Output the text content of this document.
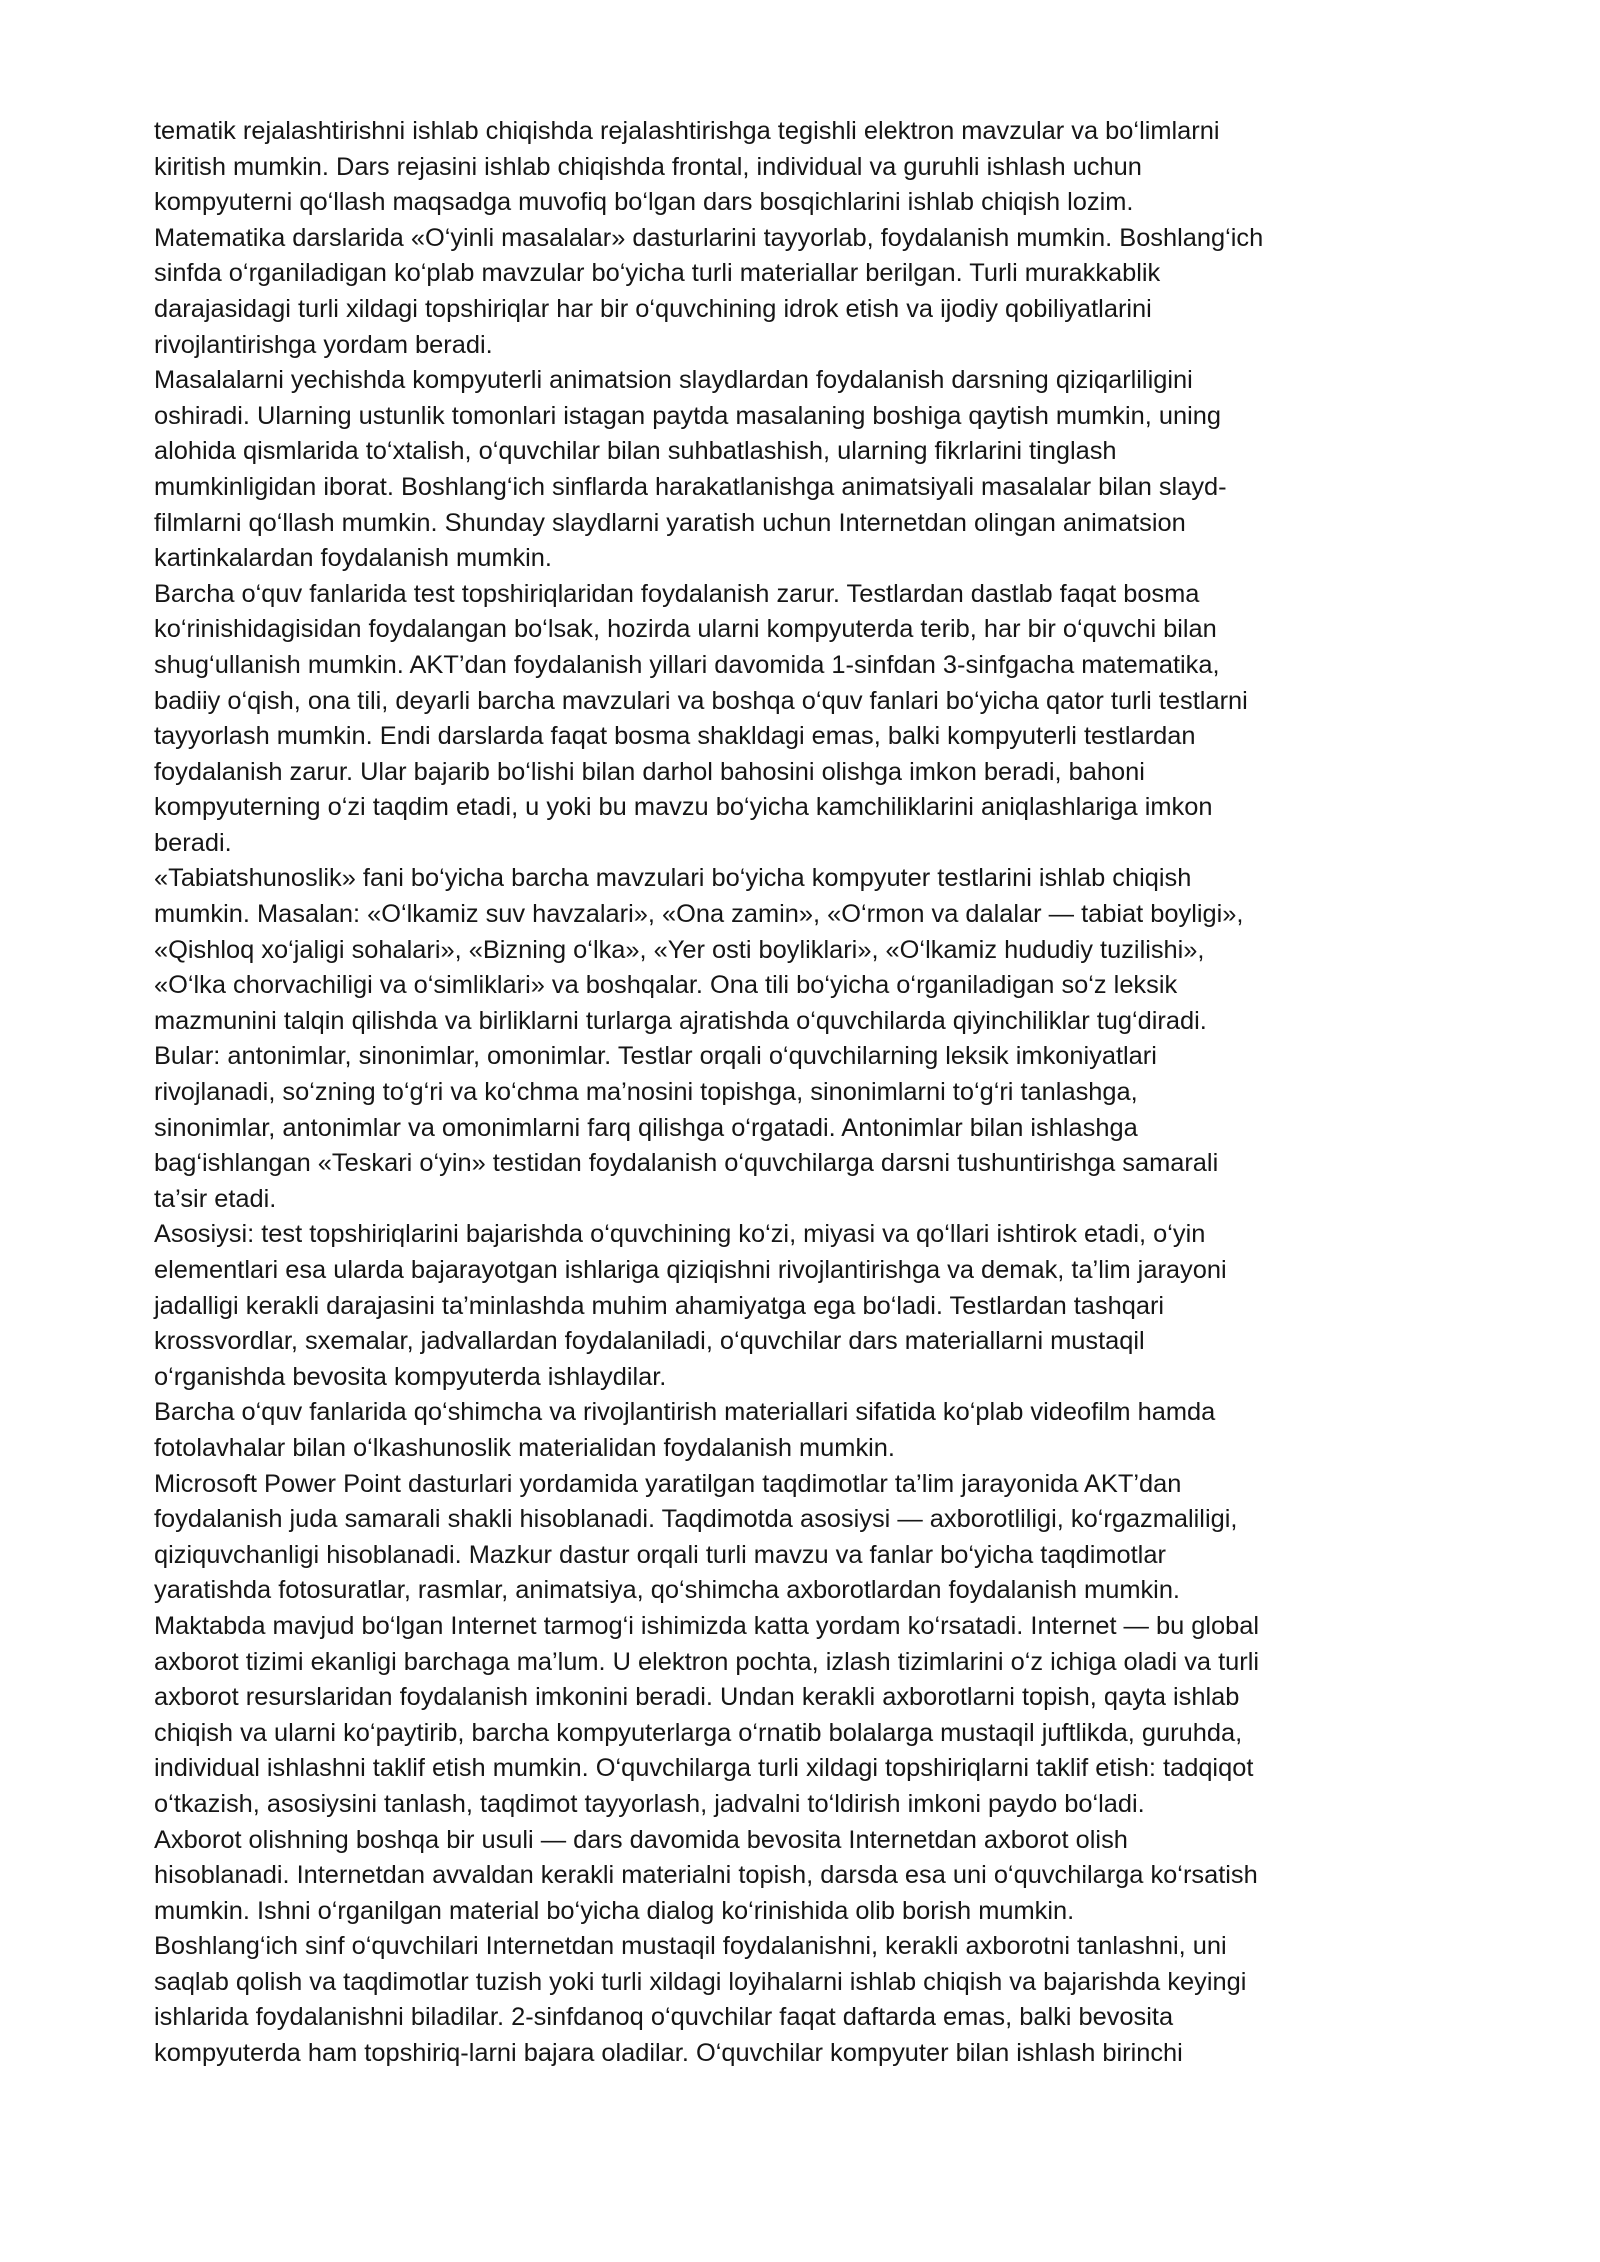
tematik rejalashtirishni ishlab chiqishda rejalashtirishga tegishli elektron mavzular va bo‘limlarni
kiritish mumkin. Dars rejasini ishlab chiqishda frontal, individual va guruhli ishlash uchun
kompyuterni qo‘llash maqsadga muvofiq bo‘lgan dars bosqichlarini ishlab chiqish lozim.
Matematika darslarida «O‘yinli masalalar» dasturlarini tayyorlab, foydalanish mumkin. Boshlang‘ich
sinfda o‘rganiladigan ko‘plab mavzular bo‘yicha turli materiallar berilgan. Turli murakkablik
darajasidagi turli xildagi topshiriqlar har bir o‘quvchining idrok etish va ijodiy qobiliyatlarini
rivojlantirishga yordam beradi.
Masalalarni yechishda kompyuterli animatsion slaydlardan foydalanish darsning qiziqarliligini
oshiradi. Ularning ustunlik tomonlari istagan paytda masalaning boshiga qaytish mumkin, uning
alohida qismlarida to‘xtalish, o‘quvchilar bilan suhbatlashish, ularning fikrlarini tinglash
mumkinligidan iborat. Boshlang‘ich sinflarda harakatlanishga animatsiyali masalalar bilan slayd-
filmlarni qo‘llash mumkin. Shunday slaydlarni yaratish uchun Internetdan olingan animatsion
kartinkalardan foydalanish mumkin.
Barcha o‘quv fanlarida test topshiriqlaridan foydalanish zarur. Testlardan dastlab faqat bosma
ko‘rinishidagisidan foydalangan bo‘lsak, hozirda ularni kompyuterda terib, har bir o‘quvchi bilan
shug‘ullanish mumkin. AKT’dan foydalanish yillari davomida 1-sinfdan 3-sinfgacha matematika,
badiiy o‘qish, ona tili, deyarli barcha mavzulari va boshqa o‘quv fanlari bo‘yicha qator turli testlarni
tayyorlash mumkin. Endi darslarda faqat bosma shakldagi emas, balki kompyuterli testlardan
foydalanish zarur. Ular bajarib bo‘lishi bilan darhol bahosini olishga imkon beradi, bahoni
kompyuterning o‘zi taqdim etadi, u yoki bu mavzu bo‘yicha kamchiliklarini aniqlashlariga imkon
beradi.
«Tabiatshunoslik» fani bo‘yicha barcha mavzulari bo‘yicha kompyuter testlarini ishlab chiqish
mumkin. Masalan: «O‘lkamiz suv havzalari», «Ona zamin», «O‘rmon va dalalar — tabiat boyligi»,
«Qishloq xo‘jaligi sohalari», «Bizning o‘lka», «Yer osti boyliklari», «O‘lkamiz hududiy tuzilishi»,
«O‘lka chorvachiligi va o‘simliklari» va boshqalar. Ona tili bo‘yicha o‘rganiladigan so‘z leksik
mazmunini talqin qilishda va birliklarni turlarga ajratishda o‘quvchilarda qiyinchiliklar tug‘diradi.
Bular: antonimlar, sinonimlar, omonimlar. Testlar orqali o‘quvchilarning leksik imkoniyatlari
rivojlanadi, so‘zning to‘g‘ri va ko‘chma ma’nosini topishga, sinonimlarni to‘g‘ri tanlashga,
sinonimlar, antonimlar va omonimlarni farq qilishga o‘rgatadi. Antonimlar bilan ishlashga
bag‘ishlangan «Teskari o‘yin» testidan foydalanish o‘quvchilarga darsni tushuntirishga samarali
ta’sir etadi.
Asosiysi: test topshiriqlarini bajarishda o‘quvchining ko‘zi, miyasi va qo‘llari ishtirok etadi, o‘yin
elementlari esa ularda bajarayotgan ishlariga qiziqishni rivojlantirishga va demak, ta’lim jarayoni
jadalligi kerakli darajasini ta’minlashda muhim ahamiyatga ega bo‘ladi. Testlardan tashqari
krossvordlar, sxemalar, jadvallardan foydalaniladi, o‘quvchilar dars materiallarni mustaqil
o‘rganishda bevosita kompyuterda ishlaydilar.
Barcha o‘quv fanlarida qo‘shimcha va rivojlantirish materiallari sifatida ko‘plab videofilm hamda
fotolavhalar bilan o‘lkashunoslik materialidan foydalanish mumkin.
Microsoft Power Point dasturlari yordamida yaratilgan taqdimotlar ta’lim jarayonida AKT’dan
foydalanish juda samarali shakli hisoblanadi. Taqdimotda asosiysi — axborotliligi, ko‘rgazmaliligi,
qiziquvchanligi hisoblanadi. Mazkur dastur orqali turli mavzu va fanlar bo‘yicha taqdimotlar
yaratishda fotosuratlar, rasmlar, animatsiya, qo‘shimcha axborotlardan foydalanish mumkin.
Maktabda mavjud bo‘lgan Internet tarmog‘i ishimizda katta yordam ko‘rsatadi. Internet — bu global
axborot tizimi ekanligi barchaga ma’lum. U elektron pochta, izlash tizimlarini o‘z ichiga oladi va turli
axborot resurslaridan foydalanish imkonini beradi. Undan kerakli axborotlarni topish, qayta ishlab
chiqish va ularni ko‘paytirib, barcha kompyuterlarga o‘rnatib bolalarga mustaqil juftlikda, guruhda,
individual ishlashni taklif etish mumkin. O‘quvchilarga turli xildagi topshiriqlarni taklif etish: tadqiqot
o‘tkazish, asosiysini tanlash, taqdimot tayyorlash, jadvalni to‘ldirish imkoni paydo bo‘ladi.
Axborot olishning boshqa bir usuli — dars davomida bevosita Internetdan axborot olish
hisoblanadi. Internetdan avvaldan kerakli materialni topish, darsda esa uni o‘quvchilarga ko‘rsatish
mumkin. Ishni o‘rganilgan material bo‘yicha dialog ko‘rinishida olib borish mumkin.
Boshlang‘ich sinf o‘quvchilari Internetdan mustaqil foydalanishni, kerakli axborotni tanlashni, uni
saqlab qolish va taqdimotlar tuzish yoki turli xildagi loyihalarni ishlab chiqish va bajarishda keyingi
ishlarida foydalanishni biladilar. 2-sinfdanoq o‘quvchilar faqat daftarda emas, balki bevosita
kompyuterda ham topshiriq-larni bajara oladilar. O‘quvchilar kompyuter bilan ishlash birinchi
